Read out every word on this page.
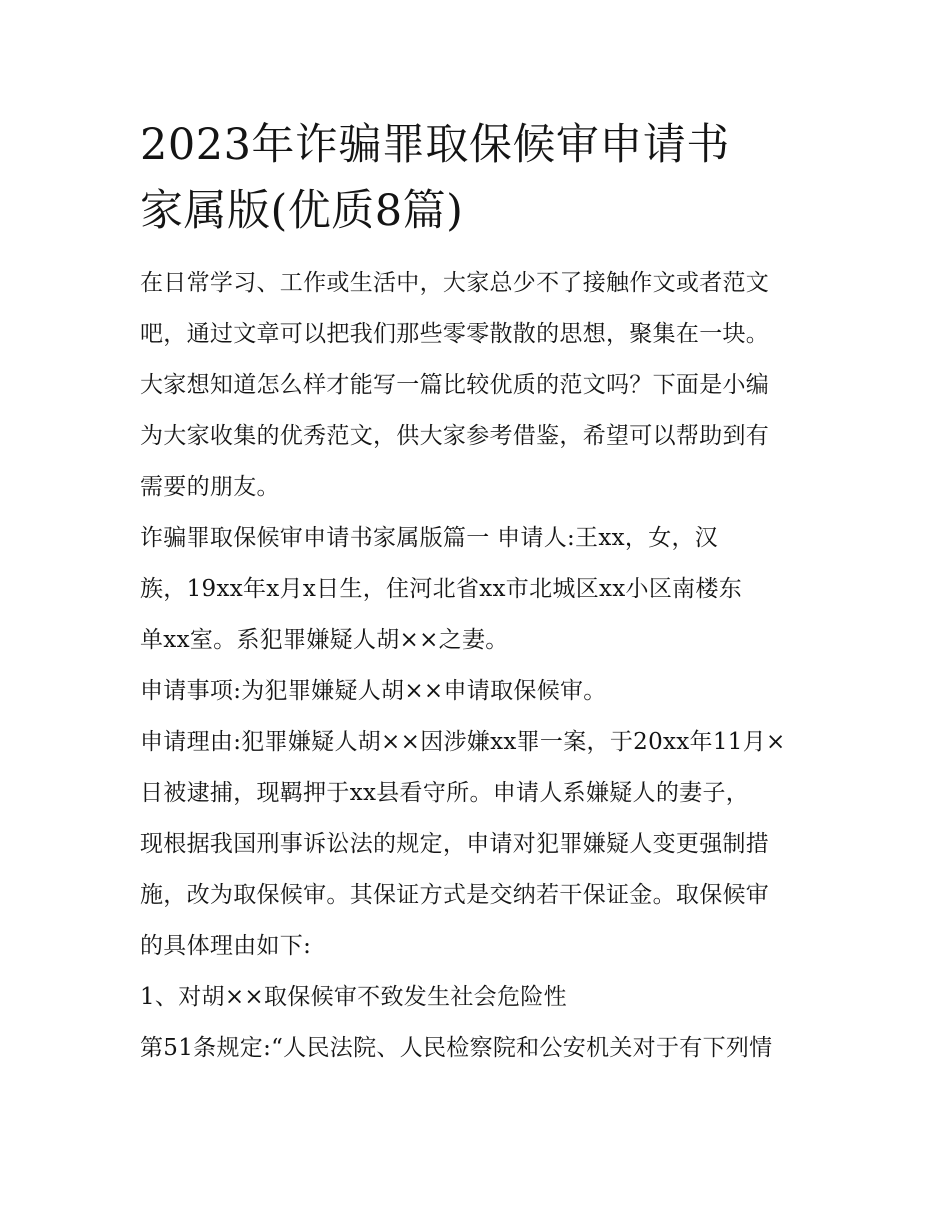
2023年诈骗罪取保候审申请书
家属版(优质8篇)
在日常学习、工作或生活中，大家总少不了接触作文或者范文
吧，通过文章可以把我们那些零零散散的思想，聚集在一块。
大家想知道怎么样才能写一篇比较优质的范文吗？下面是小编
为大家收集的优秀范文，供大家参考借鉴，希望可以帮助到有
需要的朋友。
诈骗罪取保候审申请书家属版篇一 申请人:王xx，女，汉
族，19xx年x月x日生，住河北省xx市北城区xx小区南楼东
单xx室。系犯罪嫌疑人胡××之妻。
申请事项:为犯罪嫌疑人胡××申请取保候审。
申请理由:犯罪嫌疑人胡××因涉嫌xx罪一案，于20xx年11月×
日被逮捕，现羁押于xx县看守所。申请人系嫌疑人的妻子，
现根据我国刑事诉讼法的规定，申请对犯罪嫌疑人变更强制措
施，改为取保候审。其保证方式是交纳若干保证金。取保候审
的具体理由如下:
1、对胡××取保候审不致发生社会危险性
第51条规定:“人民法院、人民检察院和公安机关对于有下列情
